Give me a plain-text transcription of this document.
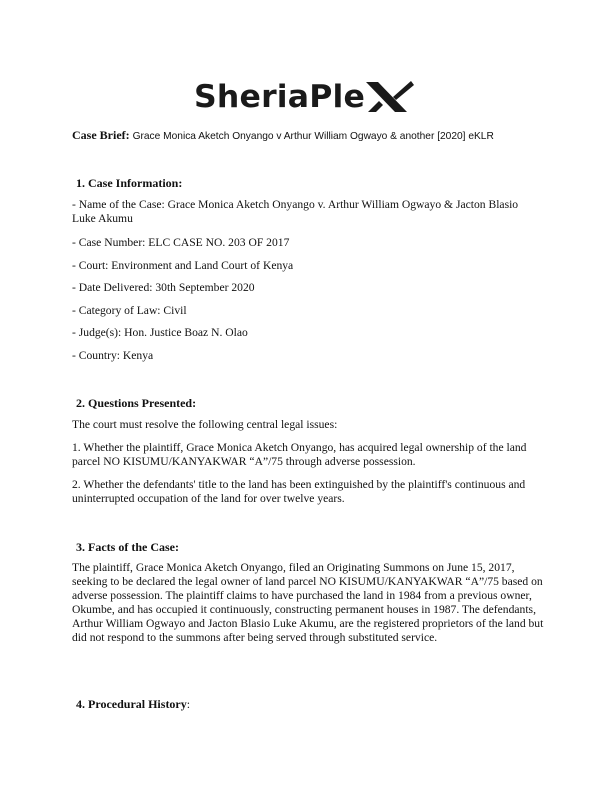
SheriaPle
Case Brief: Grace Monica Aketch Onyango v Arthur William Ogwayo & another [2020] eKLR
1. Case Information:
- Name of the Case: Grace Monica Aketch Onyango v. Arthur William Ogwayo & Jacton Blasio Luke Akumu
- Case Number: ELC CASE NO. 203 OF 2017
- Court: Environment and Land Court of Kenya
- Date Delivered: 30th September 2020
- Category of Law: Civil
- Judge(s): Hon. Justice Boaz N. Olao
- Country: Kenya
2. Questions Presented:
The court must resolve the following central legal issues:
1. Whether the plaintiff, Grace Monica Aketch Onyango, has acquired legal ownership of the land parcel NO KISUMU/KANYAKWAR “A”/75 through adverse possession.
2. Whether the defendants' title to the land has been extinguished by the plaintiff's continuous and uninterrupted occupation of the land for over twelve years.
3. Facts of the Case:
The plaintiff, Grace Monica Aketch Onyango, filed an Originating Summons on June 15, 2017, seeking to be declared the legal owner of land parcel NO KISUMU/KANYAKWAR “A”/75 based on adverse possession. The plaintiff claims to have purchased the land in 1984 from a previous owner, Okumbe, and has occupied it continuously, constructing permanent houses in 1987. The defendants, Arthur William Ogwayo and Jacton Blasio Luke Akumu, are the registered proprietors of the land but did not respond to the summons after being served through substituted service.
4. Procedural History:
